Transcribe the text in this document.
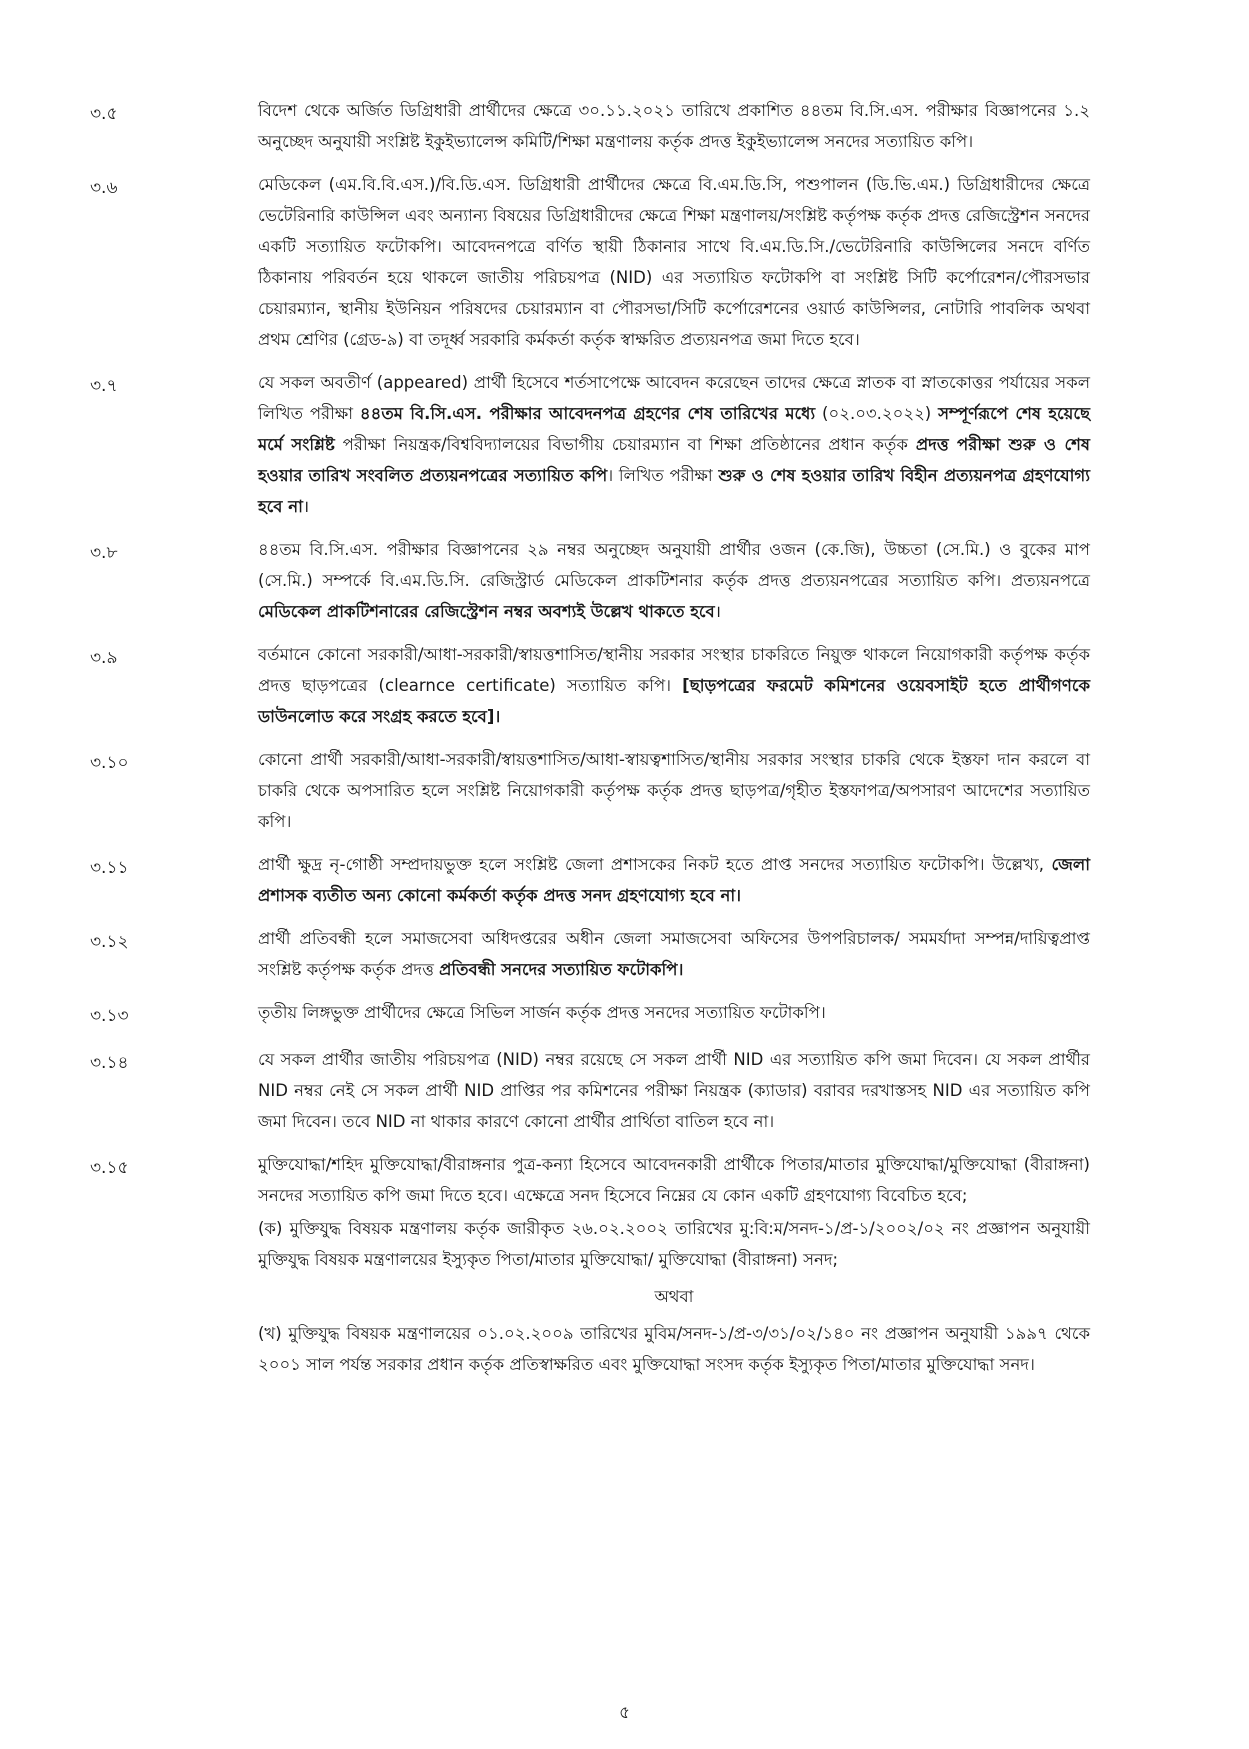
৩.৫	বিদেশ থেকে অর্জিত ডিগ্রিধারী প্রার্থীদের ক্ষেত্রে ৩০.১১.২০২১ তারিখে প্রকাশিত ৪৪তম বি.সি.এস. পরীক্ষার বিজ্ঞাপনের ১.২ অনুচ্ছেদ অনুযায়ী সংশ্লিষ্ট ইকুইভ্যালেন্স কমিটি/শিক্ষা মন্ত্রণালয় কর্তৃক প্রদত্ত ইকুইভ্যালেন্স সনদের সত্যায়িত কপি।
৩.৬	মেডিকেল (এম.বি.বি.এস.)/বি.ডি.এস. ডিগ্রিধারী প্রার্থীদের ক্ষেত্রে বি.এম.ডি.সি, পশুপালন (ডি.ভি.এম.) ডিগ্রিধারীদের ক্ষেত্রে ভেটেরিনারি কাউন্সিল এবং অন্যান্য বিষয়ের ডিগ্রিধারীদের ক্ষেত্রে শিক্ষা মন্ত্রণালয়/সংশ্লিষ্ট কর্তৃপক্ষ কর্তৃক প্রদত্ত রেজিস্ট্রেশন সনদের একটি সত্যায়িত ফটোকপি। আবেদনপত্রে বর্ণিত স্থায়ী ঠিকানার সাথে বি.এম.ডি.সি./ভেটেরিনারি কাউন্সিলের সনদে বর্ণিত ঠিকানায় পরিবর্তন হয়ে থাকলে জাতীয় পরিচয়পত্র (NID) এর সত্যায়িত ফটোকপি বা সংশ্লিষ্ট সিটি কর্পোরেশন/পৌরসভার চেয়ারম্যান, স্থানীয় ইউনিয়ন পরিষদের চেয়ারম্যান বা পৌরসভা/সিটি কর্পোরেশনের ওয়ার্ড কাউন্সিলর, নোটারি পাবলিক অথবা প্রথম শ্রেণির (গ্রেড-৯) বা তদূর্ধ্ব সরকারি কর্মকর্তা কর্তৃক স্বাক্ষরিত প্রত্যয়নপত্র জমা দিতে হবে।
৩.৭	যে সকল অবতীর্ণ (appeared) প্রার্থী হিসেবে শর্তসাপেক্ষে আবেদন করেছেন তাদের ক্ষেত্রে স্নাতক বা স্নাতকোত্তর পর্যায়ের সকল লিখিত পরীক্ষা ৪৪তম বি.সি.এস. পরীক্ষার আবেদনপত্র গ্রহণের শেষ তারিখের মধ্যে (০২.০৩.২০২২) সম্পূর্ণরূপে শেষ হয়েছে মর্মে সংশ্লিষ্ট পরীক্ষা নিয়ন্ত্রক/বিশ্ববিদ্যালয়ের বিভাগীয় চেয়ারম্যান বা শিক্ষা প্রতিষ্ঠানের প্রধান কর্তৃক প্রদত্ত পরীক্ষা শুরু ও শেষ হওয়ার তারিখ সংবলিত প্রত্যয়নপত্রের সত্যায়িত কপি। লিখিত পরীক্ষা শুরু ও শেষ হওয়ার তারিখ বিহীন প্রত্যয়নপত্র গ্রহণযোগ্য হবে না।
৩.৮	৪৪তম বি.সি.এস. পরীক্ষার বিজ্ঞাপনের ২৯ নম্বর অনুচ্ছেদ অনুযায়ী প্রার্থীর ওজন (কে.জি), উচ্চতা (সে.মি.) ও বুকের মাপ (সে.মি.) সম্পর্কে বি.এম.ডি.সি. রেজিস্ট্রার্ড মেডিকেল প্রাকটিশনার কর্তৃক প্রদত্ত প্রত্যয়নপত্রের সত্যায়িত কপি। প্রত্যয়নপত্রে মেডিকেল প্রাকটিশনারের রেজিস্ট্রেশন নম্বর অবশ্যই উল্লেখ থাকতে হবে।
৩.৯	বর্তমানে কোনো সরকারী/আধা-সরকারী/স্বায়ত্তশাসিত/স্থানীয় সরকার সংস্থার চাকরিতে নিয়ুক্ত থাকলে নিয়োগকারী কর্তৃপক্ষ কর্তৃক প্রদত্ত ছাড়পত্রের (clearnce certificate) সত্যায়িত কপি। [ছাড়পত্রের ফরমেট কমিশনের ওয়েবসাইট হতে প্রার্থীগণকে ডাউনলোড করে সংগ্রহ করতে হবে]।
৩.১০	কোনো প্রার্থী সরকারী/আধা-সরকারী/স্বায়ত্তশাসিত/আধা-স্বায়ত্বশাসিত/স্থানীয় সরকার সংস্থার চাকরি থেকে ইস্তফা দান করলে বা চাকরি থেকে অপসারিত হলে সংশ্লিষ্ট নিয়োগকারী কর্তৃপক্ষ কর্তৃক প্রদত্ত ছাড়পত্র/গৃহীত ইস্তফাপত্র/অপসারণ আদেশের সত্যায়িত কপি।
৩.১১	প্রার্থী ক্ষুদ্র নৃ-গোষ্ঠী সম্প্রদায়ভুক্ত হলে সংশ্লিষ্ট জেলা প্রশাসকের নিকট হতে প্রাপ্ত সনদের সত্যায়িত ফটোকপি। উল্লেখ্য, জেলা প্রশাসক ব্যতীত অন্য কোনো কর্মকর্তা কর্তৃক প্রদত্ত সনদ গ্রহণযোগ্য হবে না।
৩.১২	প্রার্থী প্রতিবন্ধী হলে সমাজসেবা অধিদপ্তরের অধীন জেলা সমাজসেবা অফিসের উপপরিচালক/ সমমর্যাদা সম্পন্ন/দায়িত্বপ্রাপ্ত সংশ্লিষ্ট কর্তৃপক্ষ কর্তৃক প্রদত্ত প্রতিবন্ধী সনদের সত্যায়িত ফটোকপি।
৩.১৩	তৃতীয় লিঙ্গভুক্ত প্রার্থীদের ক্ষেত্রে সিভিল সার্জন কর্তৃক প্রদত্ত সনদের সত্যায়িত ফটোকপি।
৩.১৪	যে সকল প্রার্থীর জাতীয় পরিচয়পত্র (NID) নম্বর রয়েছে সে সকল প্রার্থী NID এর সত্যায়িত কপি জমা দিবেন। যে সকল প্রার্থীর NID নম্বর নেই সে সকল প্রার্থী NID প্রাপ্তির পর কমিশনের পরীক্ষা নিয়ন্ত্রক (ক্যাডার) বরাবর দরখাস্তসহ NID এর সত্যায়িত কপি জমা দিবেন। তবে NID না থাকার কারণে কোনো প্রার্থীর প্রার্থিতা বাতিল হবে না।
৩.১৫	মুক্তিযোদ্ধা/শহিদ মুক্তিযোদ্ধা/বীরাঙ্গনার পুত্র-কন্যা হিসেবে আবেদনকারী প্রার্থীকে পিতার/মাতার মুক্তিযোদ্ধা/মুক্তিযোদ্ধা (বীরাঙ্গনা) সনদের সত্যায়িত কপি জমা দিতে হবে। এক্ষেত্রে সনদ হিসেবে নিম্নের যে কোন একটি গ্রহণযোগ্য বিবেচিত হবে;
(ক) মুক্তিযুদ্ধ বিষয়ক মন্ত্রণালয় কর্তৃক জারীকৃত ২৬.০২.২০০২ তারিখের মু:বি:ম/সনদ-১/প্র-১/২০০২/০২ নং প্রজ্ঞাপন অনুযায়ী মুক্তিযুদ্ধ বিষয়ক মন্ত্রণালয়ের ইস্যুকৃত পিতা/মাতার মুক্তিযোদ্ধা/ মুক্তিযোদ্ধা (বীরাঙ্গনা) সনদ;
অথবা
(খ) মুক্তিযুদ্ধ বিষয়ক মন্ত্রণালয়ের ০১.০২.২০০৯ তারিখের মুবিম/সনদ-১/প্র-৩/৩১/০২/১৪০ নং প্রজ্ঞাপন অনুযায়ী ১৯৯৭ থেকে ২০০১ সাল পর্যন্ত সরকার প্রধান কর্তৃক প্রতিস্বাক্ষরিত এবং মুক্তিযোদ্ধা সংসদ কর্তৃক ইস্যুকৃত পিতা/মাতার মুক্তিযোদ্ধা সনদ।
৫
